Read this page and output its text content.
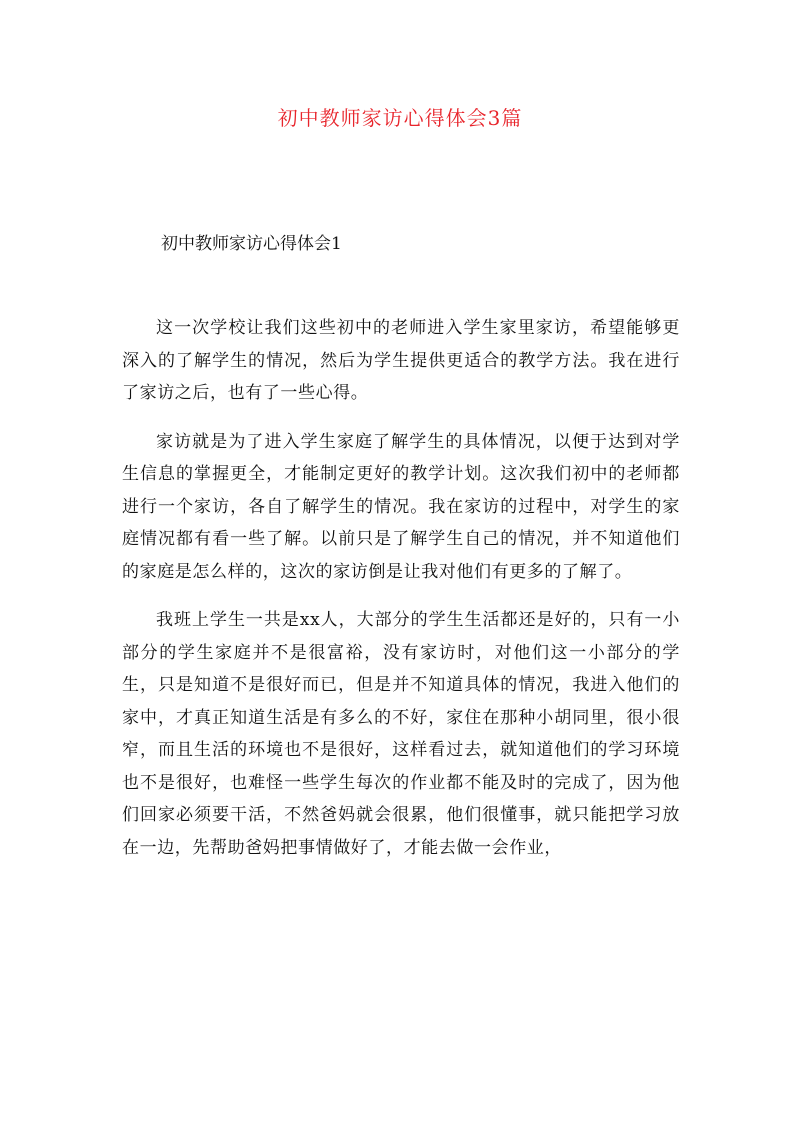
初中教师家访心得体会3篇
初中教师家访心得体会1

这一次学校让我们这些初中的老师进入学生家里家访，希望能够更深入的了解学生的情况，然后为学生提供更适合的教学方法。我在进行了家访之后，也有了一些心得。

家访就是为了进入学生家庭了解学生的具体情况，以便于达到对学生信息的掌握更全，才能制定更好的教学计划。这次我们初中的老师都进行一个家访，各自了解学生的情况。我在家访的过程中，对学生的家庭情况都有看一些了解。以前只是了解学生自己的情况，并不知道他们的家庭是怎么样的，这次的家访倒是让我对他们有更多的了解了。

我班上学生一共是xx人，大部分的学生生活都还是好的，只有一小部分的学生家庭并不是很富裕，没有家访时，对他们这一小部分的学生，只是知道不是很好而已，但是并不知道具体的情况，我进入他们的家中，才真正知道生活是有多么的不好，家住在那种小胡同里，很小很窄，而且生活的环境也不是很好，这样看过去，就知道他们的学习环境也不是很好，也难怪一些学生每次的作业都不能及时的完成了，因为他们回家必须要干活，不然爸妈就会很累，他们很懂事，就只能把学习放在一边，先帮助爸妈把事情做好了，才能去做一会作业，
